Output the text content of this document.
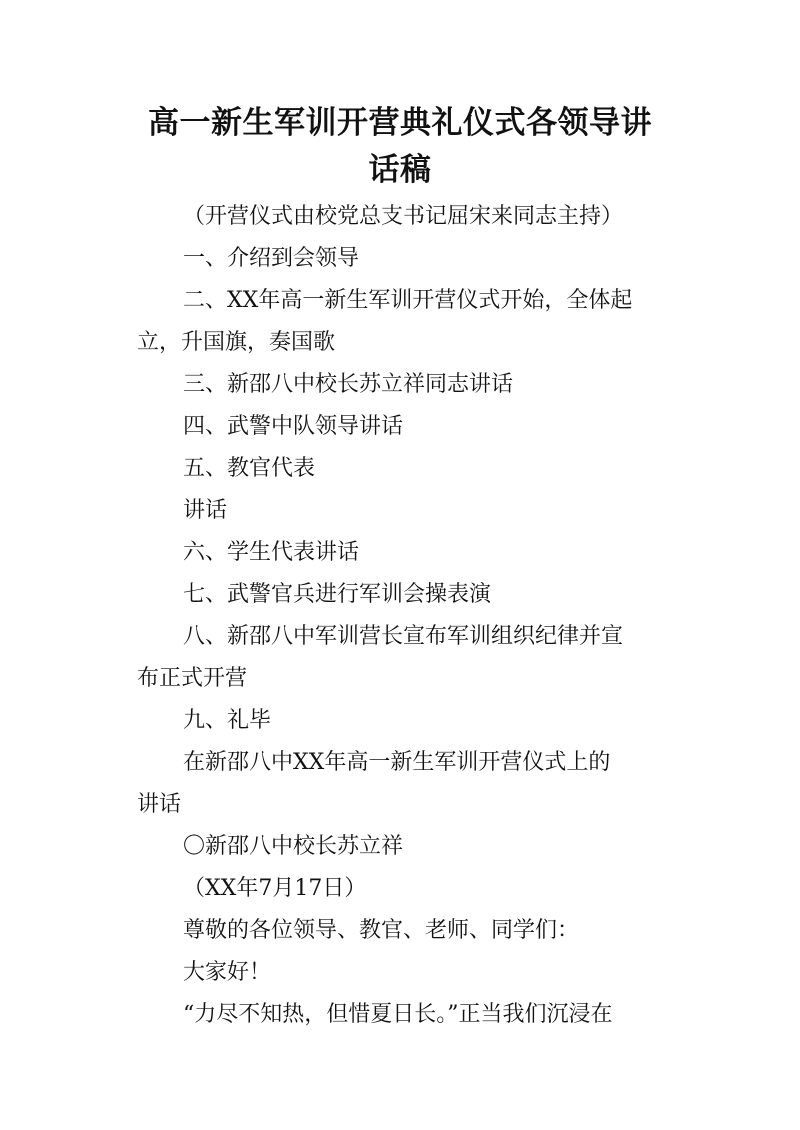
高一新生军训开营典礼仪式各领导讲
话稿
（开营仪式由校党总支书记屈宋来同志主持）
一、介绍到会领导
二、XX年高一新生军训开营仪式开始，全体起
立，升国旗，奏国歌
三、新邵八中校长苏立祥同志讲话
四、武警中队领导讲话
五、教官代表
讲话
六、学生代表讲话
七、武警官兵进行军训会操表演
八、新邵八中军训营长宣布军训组织纪律并宣
布正式开营
九、礼毕
在新邵八中XX年高一新生军训开营仪式上的
讲话
〇新邵八中校长苏立祥
（XX年7月17日）
尊敬的各位领导、教官、老师、同学们：
大家好！
“力尽不知热，但惜夏日长。”正当我们沉浸在
